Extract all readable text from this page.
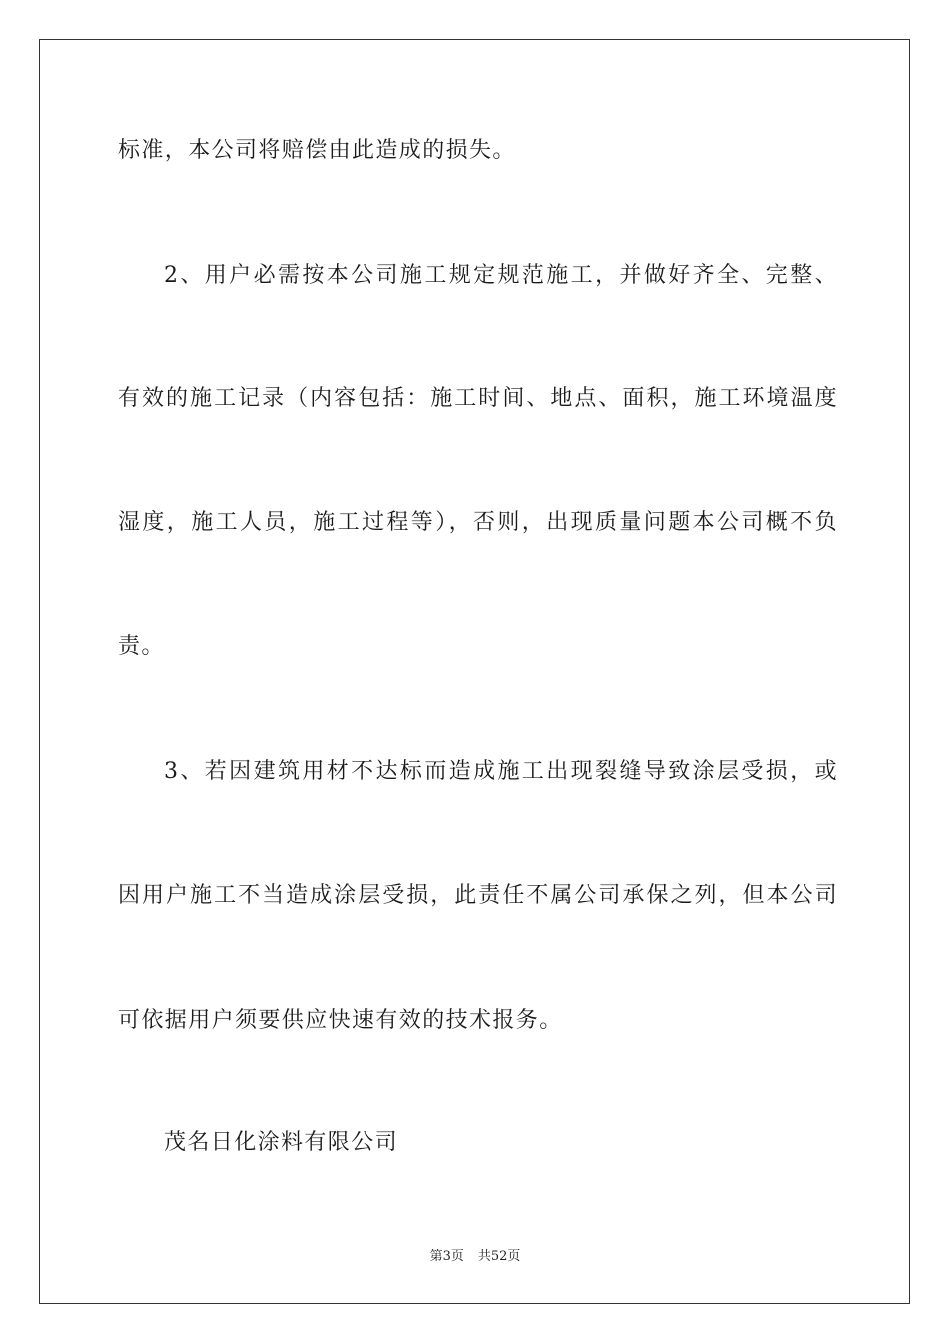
标准，本公司将赔偿由此造成的损失。
2、用户必需按本公司施工规定规范施工，并做好齐全、完整、
有效的施工记录（内容包括：施工时间、地点、面积，施工环境温度
湿度，施工人员，施工过程等），否则，出现质量问题本公司概不负
责。
3、若因建筑用材不达标而造成施工出现裂缝导致涂层受损，或
因用户施工不当造成涂层受损，此责任不属公司承保之列，但本公司
可依据用户须要供应快速有效的技术报务。
茂名日化涂料有限公司
第3页 共52页
